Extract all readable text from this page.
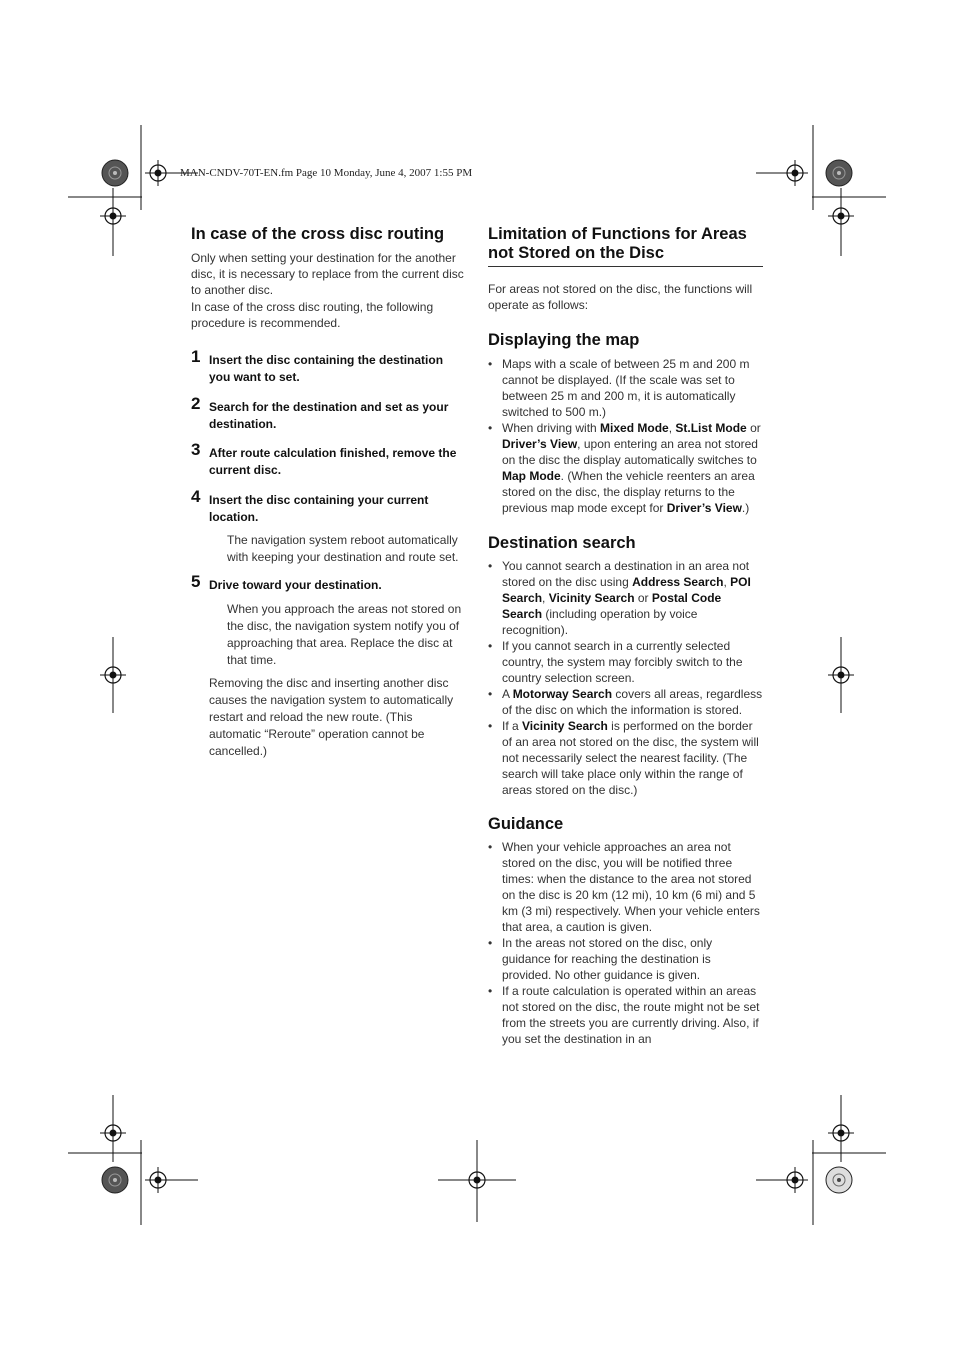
MAN-CNDV-70T-EN.fm Page 10 Monday, June 4, 2007 1:55 PM
In case of the cross disc routing

Only when setting your destination for the another disc, it is necessary to replace from the current disc to another disc.

In case of the cross disc routing, the following procedure is recommended.

1 Insert the disc containing the destination you want to set.
2 Search for the destination and set as your destination.
3 After route calculation finished, remove the current disc.
4 Insert the disc containing your current location.

The navigation system reboot automatically with keeping your destination and route set.

5 Drive toward your destination.

When you approach the areas not stored on the disc, the navigation system notify you of approaching that area. Replace the disc at that time.

Removing the disc and inserting another disc causes the navigation system to automatically restart and reload the new route. (This automatic “Reroute” operation cannot be cancelled.)

Limitation of Functions for Areas not Stored on the Disc

For areas not stored on the disc, the functions will operate as follows:

Displaying the map
• Maps with a scale of between 25 m and 200 m cannot be displayed. (If the scale was set to between 25 m and 200 m, it is automatically switched to 500 m.)
• When driving with Mixed Mode, St.List Mode or Driver’s View, upon entering an area not stored on the disc the display automatically switches to Map Mode. (When the vehicle reenters an area stored on the disc, the display returns to the previous map mode except for Driver’s View.)
Destination search
• You cannot search a destination in an area not stored on the disc using Address Search, POI Search, Vicinity Search or Postal Code Search (including operation by voice recognition).
• If you cannot search in a currently selected country, the system may forcibly switch to the country selection screen.
• A Motorway Search covers all areas, regardless of the disc on which the information is stored.
• If a Vicinity Search is performed on the border of an area not stored on the disc, the system will not necessarily select the nearest facility. (The search will take place only within the range of areas stored on the disc.)
Guidance
• When your vehicle approaches an area not stored on the disc, you will be notified three times: when the distance to the area not stored on the disc is 20 km (12 mi), 10 km (6 mi) and 5 km (3 mi) respectively. When your vehicle enters that area, a caution is given.
• In the areas not stored on the disc, only guidance for reaching the destination is provided. No other guidance is given.
• If a route calculation is operated within an areas not stored on the disc, the route might not be set from the streets you are currently driving. Also, if you set the destination in an
